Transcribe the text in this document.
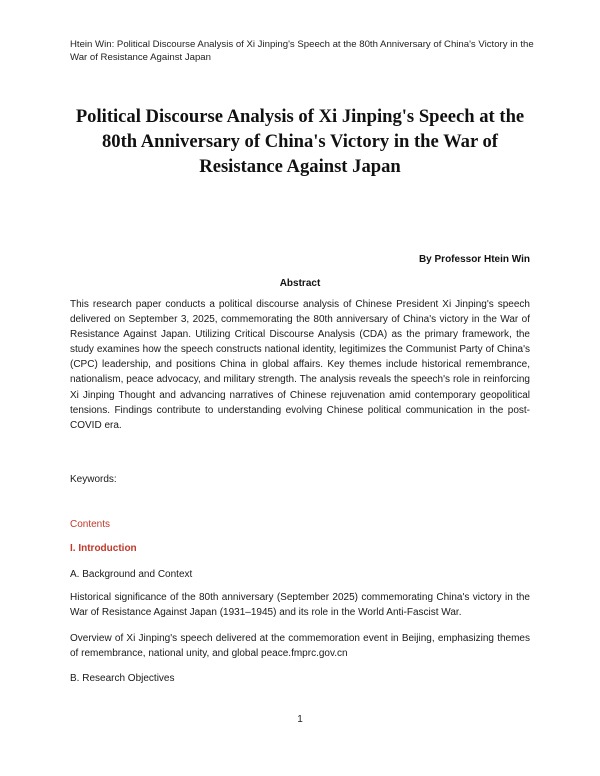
Htein Win: Political Discourse Analysis of Xi Jinping's Speech at the 80th Anniversary of China's Victory in the War of Resistance Against Japan
Political Discourse Analysis of Xi Jinping's Speech at the 80th Anniversary of China's Victory in the War of Resistance Against Japan
By Professor Htein Win
Abstract

This research paper conducts a political discourse analysis of Chinese President Xi Jinping's speech delivered on September 3, 2025, commemorating the 80th anniversary of China's victory in the War of Resistance Against Japan. Utilizing Critical Discourse Analysis (CDA) as the primary framework, the study examines how the speech constructs national identity, legitimizes the Communist Party of China's (CPC) leadership, and positions China in global affairs. Key themes include historical remembrance, nationalism, peace advocacy, and military strength. The analysis reveals the speech's role in reinforcing Xi Jinping Thought and advancing narratives of Chinese rejuvenation amid contemporary geopolitical tensions. Findings contribute to understanding evolving Chinese political communication in the post-COVID era.

Keywords:
Contents
I. Introduction

A. Background and Context

Historical significance of the 80th anniversary (September 2025) commemorating China's victory in the War of Resistance Against Japan (1931–1945) and its role in the World Anti-Fascist War.

Overview of Xi Jinping's speech delivered at the commemoration event in Beijing, emphasizing themes of remembrance, national unity, and global peace.fmprc.gov.cn

B. Research Objectives

1
